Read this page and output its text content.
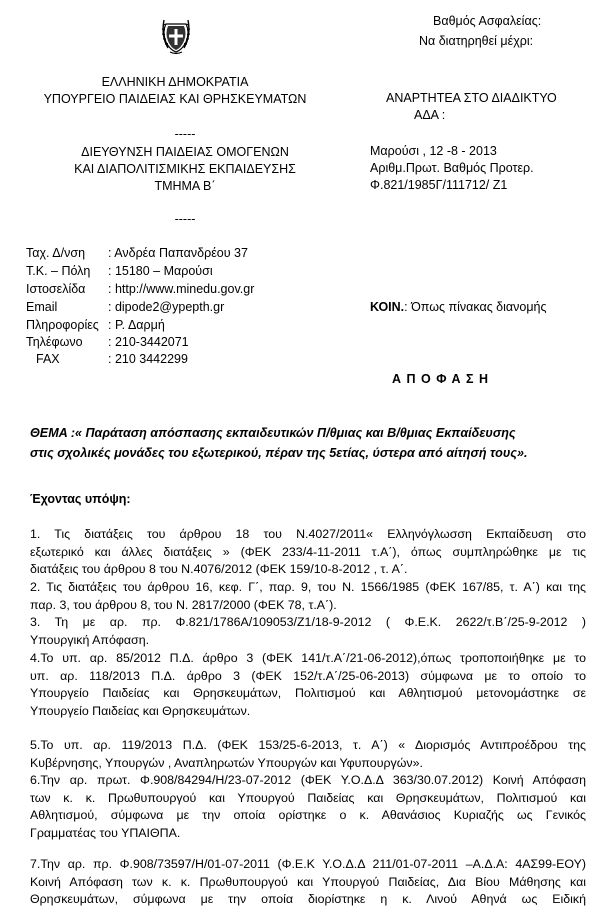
Βαθμός Ασφαλείας:
Να διατηρηθεί μέχρι:
ΕΛΛΗΝΙΚΗ ΔΗΜΟΚΡΑΤΙΑ
ΥΠΟΥΡΓΕΙΟ ΠΑΙΔΕΙΑΣ ΚΑΙ ΘΡΗΣΚΕΥΜΑΤΩΝ
-----
ΔΙΕΥΘΥΝΣΗ ΠΑΙΔΕΙΑΣ ΟΜΟΓΕΝΩΝ
ΚΑΙ ΔΙΑΠΟΛΙΤΙΣΜΙΚΗΣ ΕΚΠΑΙΔΕΥΣΗΣ
ΤΜΗΜΑ Β΄
-----
ΑΝΑΡΤΗΤΕΑ ΣΤΟ ΔΙΑΔΙΚΤΥΟ
ΑΔΑ :
Μαρούσι , 12 -8 - 2013
Αριθμ.Πρωτ. Βαθμός Προτερ.
Φ.821/1985Γ/111712/ Ζ1
Ταχ. Δ/νση : Ανδρέα Παπανδρέου 37
Τ.Κ. – Πόλη : 15180 – Μαρούσι
Ιστοσελίδα : http://www.minedu.gov.gr
Email	: dipode2@ypepth.gr
Πληροφορίες : Ρ. Δαρμή
Τηλέφωνο : 210-3442071
FAX	: 210 3442299
ΚΟΙΝ.: Όπως πίνακας διανομής
Α Π Ο Φ Α Σ Η
ΘΕΜΑ :« Παράταση απόσπασης εκπαιδευτικών Π/θμιας και Β/θμιας Εκπαίδευσης
στις σχολικές μονάδες του εξωτερικού, πέραν της 5ετίας, ύστερα από αίτησή τους».
Έχοντας υπόψη:
1. Τις διατάξεις του άρθρου 18 του Ν.4027/2011« Ελληνόγλωσση Εκπαίδευση στο
εξωτερικό και άλλες διατάξεις » (ΦΕΚ 233/4-11-2011 τ.Α΄), όπως συμπληρώθηκε με τις
διατάξεις του άρθρου 8 του Ν.4076/2012 (ΦΕΚ 159/10-8-2012 , τ. Α΄.
2. Τις διατάξεις του άρθρου 16, κεφ. Γ΄, παρ. 9, του Ν. 1566/1985 (ΦΕΚ 167/85, τ. Α΄) και της
παρ. 3, του άρθρου 8, του Ν. 2817/2000 (ΦΕΚ 78, τ.Α΄).
3. Τη με αρ. πρ. Φ.821/1786Α/109053/Ζ1/18-9-2012 ( Φ.Ε.Κ. 2622/τ.Β΄/25-9-2012 )
Υπουργική Απόφαση.
4.Το υπ. αρ. 85/2012 Π.Δ. άρθρο 3 (ΦΕΚ 141/τ.Α΄/21-06-2012),όπως τροποποιήθηκε με το
υπ. αρ. 118/2013 Π.Δ. άρθρο 3 (ΦΕΚ 152/τ.Α΄/25-06-2013) σύμφωνα με το οποίο το
Υπουργείο Παιδείας και Θρησκευμάτων, Πολιτισμού και Αθλητισμού μετονομάστηκε σε
Υπουργείο Παιδείας και Θρησκευμάτων.
5.Το υπ. αρ. 119/2013 Π.Δ. (ΦΕΚ 153/25-6-2013, τ. Α΄) « Διορισμός Αντιπροέδρου της
Κυβέρνησης, Υπουργών , Αναπληρωτών Υπουργών και Υφυπουργών».
6.Την αρ. πρωτ. Φ.908/84294/Η/23-07-2012 (ΦΕΚ Υ.Ο.Δ.Δ 363/30.07.2012) Κοινή Απόφαση
των κ. κ. Πρωθυπουργού και Υπουργού Παιδείας και Θρησκευμάτων, Πολιτισμού και
Αθλητισμού, σύμφωνα με την οποία ορίστηκε ο κ. Αθανάσιος Κυριαζής ως Γενικός
Γραμματέας του ΥΠΑΙΘΠΑ.
7.Την αρ. πρ. Φ.908/73597/Η/01-07-2011 (Φ.Ε.Κ Υ.Ο.Δ.Δ 211/01-07-2011 –Α.Δ.Α: 4ΑΣ99-ΕΟΥ)
Κοινή Απόφαση των κ. κ. Πρωθυπουργού και Υπουργού Παιδείας, Δια Βίου Μάθησης και
Θρησκευμάτων, σύμφωνα με την οποία διορίστηκε η κ. Λινού Αθηνά ως Ειδική
